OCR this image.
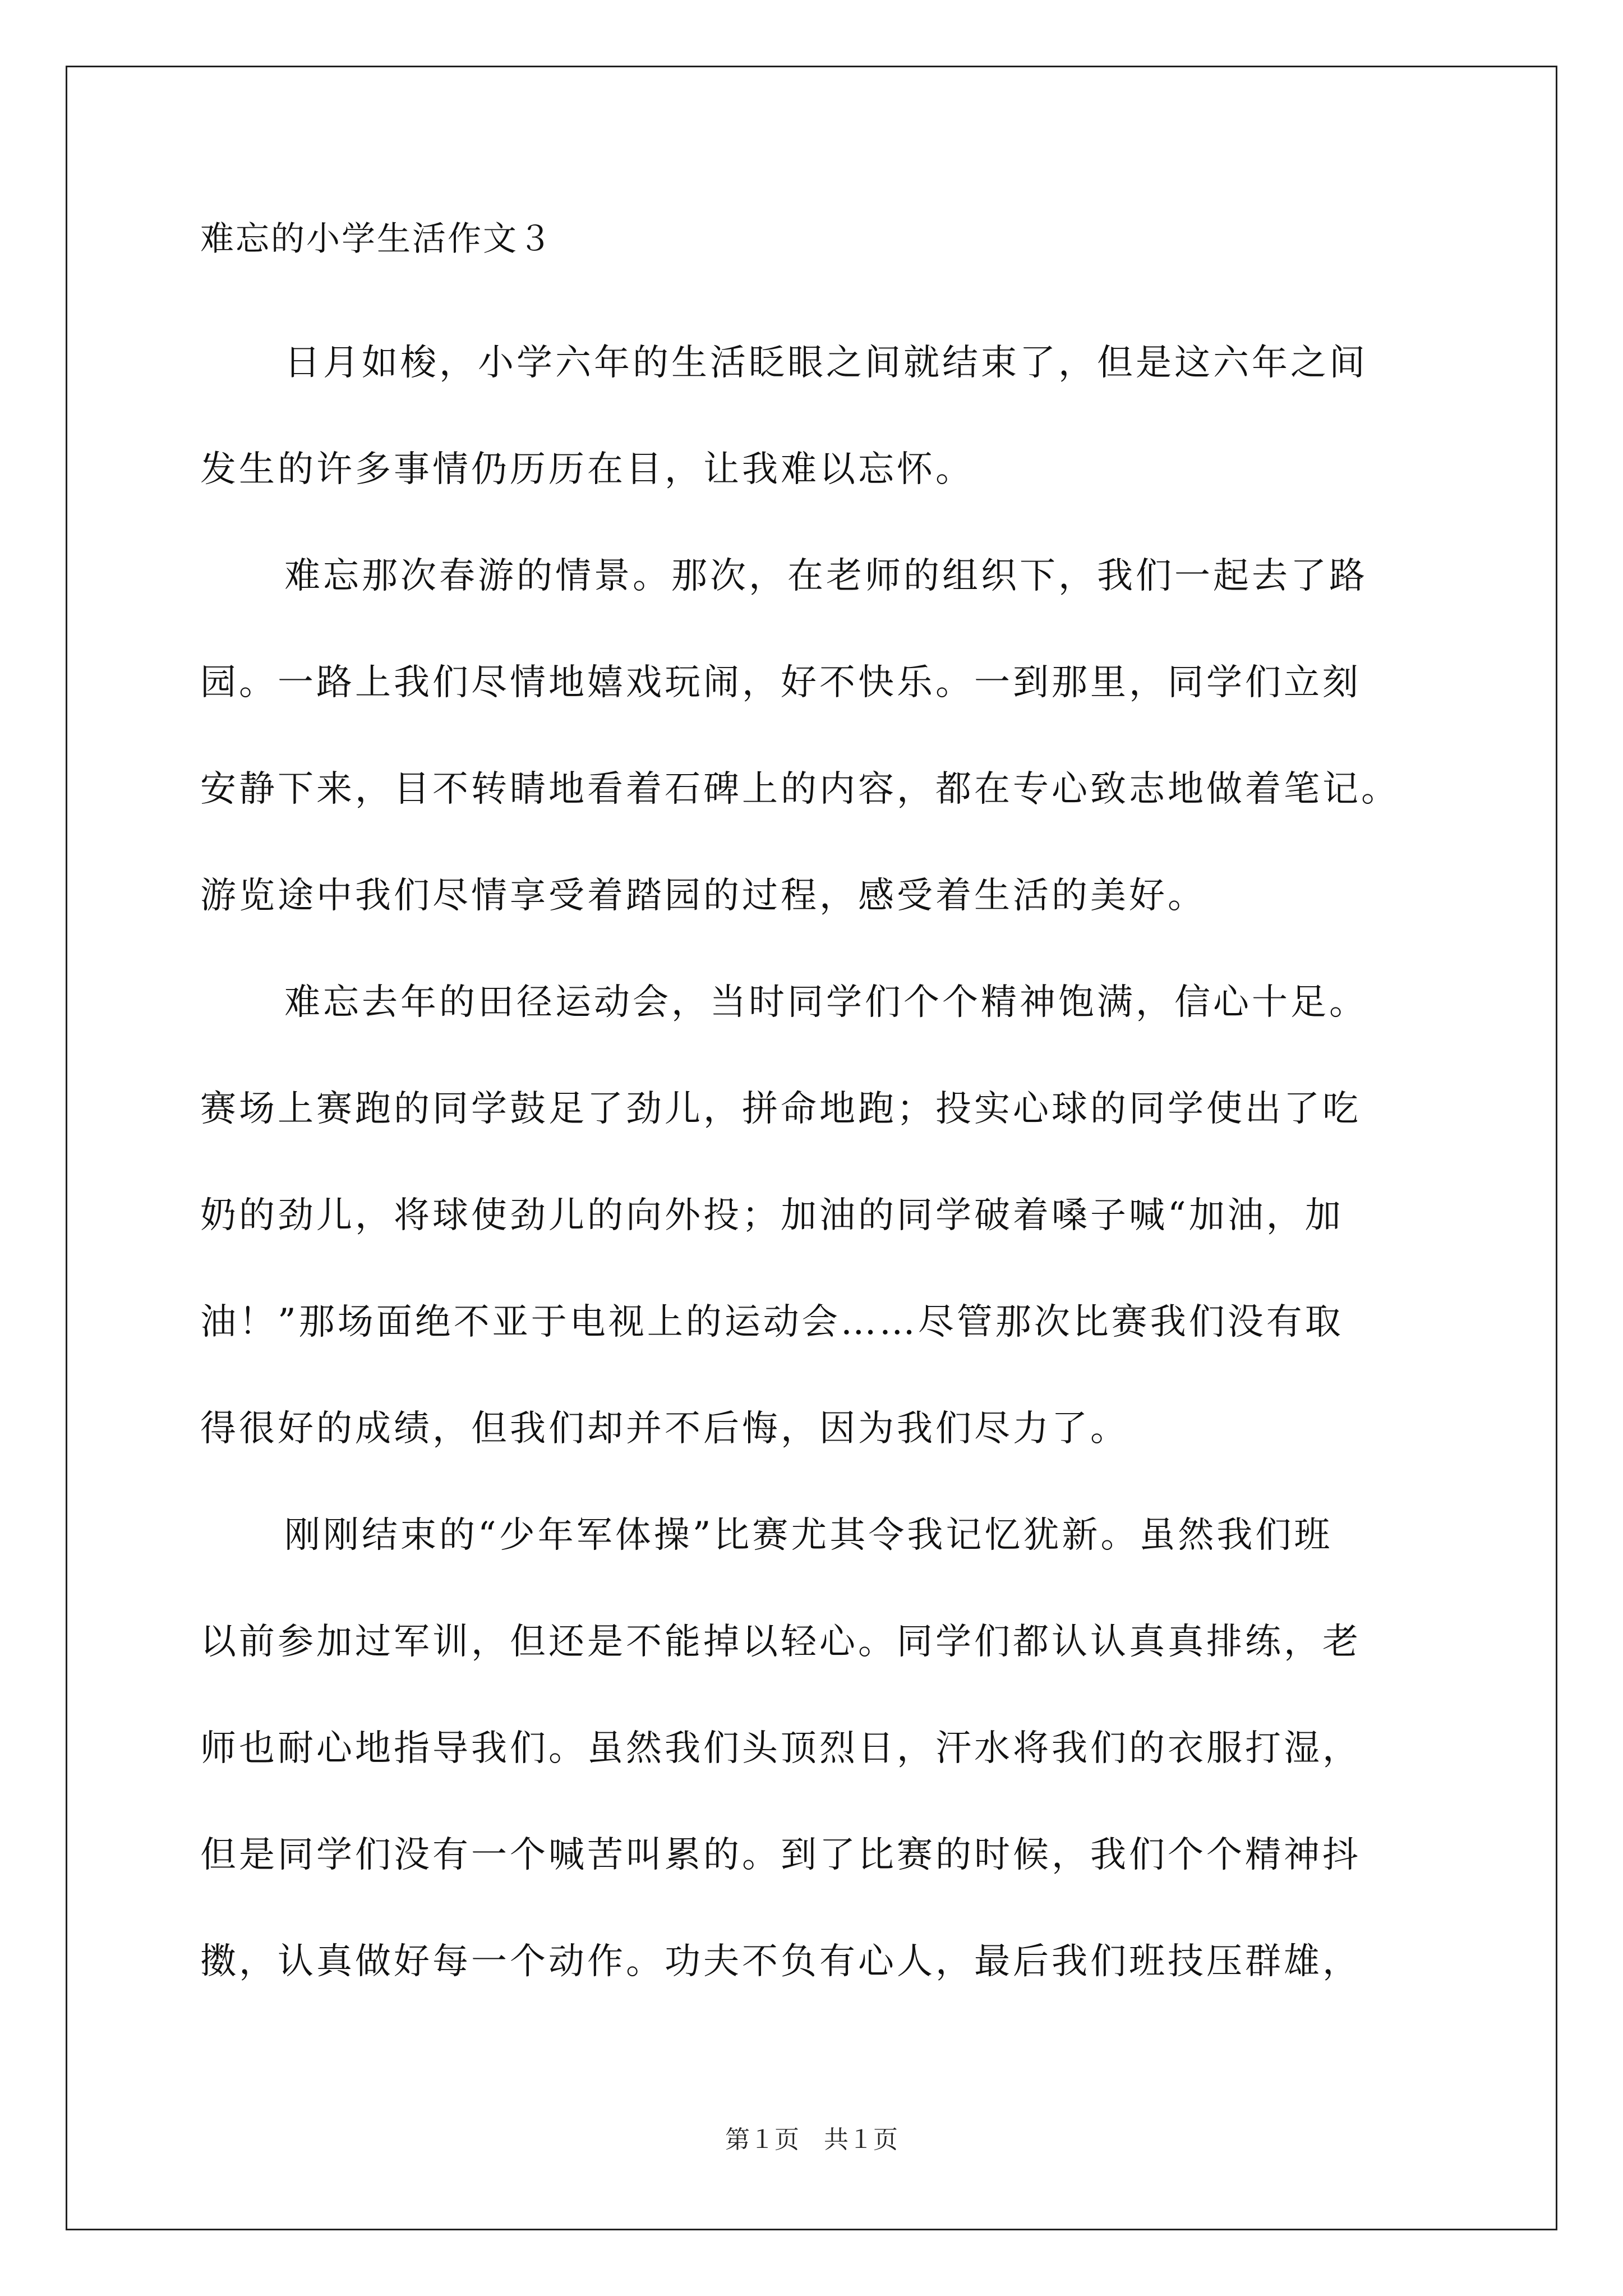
难忘的小学生活作文３

日月如梭，小学六年的生活眨眼之间就结束了，但是这六年之间
发生的许多事情仍历历在目，让我难以忘怀。

难忘那次春游的情景。那次，在老师的组织下，我们一起去了路
园。一路上我们尽情地嬉戏玩闹，好不快乐。一到那里，同学们立刻
安静下来，目不转睛地看着石碑上的内容，都在专心致志地做着笔记。
游览途中我们尽情享受着踏园的过程，感受着生活的美好。

难忘去年的田径运动会，当时同学们个个精神饱满，信心十足。
赛场上赛跑的同学鼓足了劲儿，拼命地跑；投实心球的同学使出了吃
奶的劲儿，将球使劲儿的向外投；加油的同学破着嗓子喊“加油，加
油！”那场面绝不亚于电视上的运动会……尽管那次比赛我们没有取
得很好的成绩，但我们却并不后悔，因为我们尽力了。

刚刚结束的“少年军体操”比赛尤其令我记忆犹新。虽然我们班
以前参加过军训，但还是不能掉以轻心。同学们都认认真真排练，老
师也耐心地指导我们。虽然我们头顶烈日，汗水将我们的衣服打湿，
但是同学们没有一个喊苦叫累的。到了比赛的时候，我们个个精神抖
擞，认真做好每一个动作。功夫不负有心人，最后我们班技压群雄，

第１页　共１页
